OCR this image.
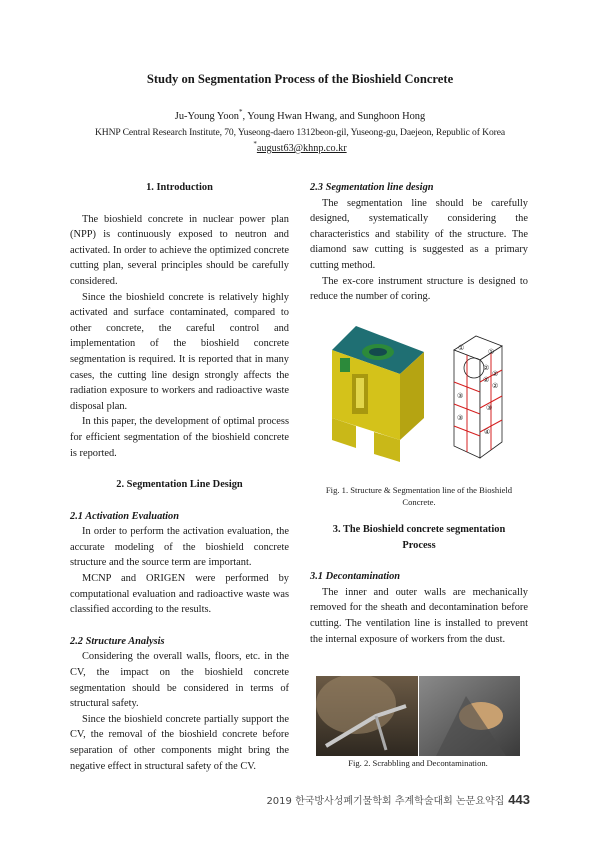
Study on Segmentation Process of the Bioshield Concrete
Ju-Young Yoon*, Young Hwan Hwang, and Sunghoon Hong
KHNP Central Research Institute, 70, Yuseong-daero 1312beon-gil, Yuseong-gu, Daejeon, Republic of Korea
*august63@khnp.co.kr
1. Introduction

The bioshield concrete in nuclear power plan (NPP) is continuously exposed to neutron and activated. In order to achieve the optimized concrete cutting plan, several principles should be carefully considered.

Since the bioshield concrete is relatively highly activated and surface contaminated, compared to other concrete, the careful control and implementation of the bioshield concrete segmentation is required. It is reported that in many cases, the cutting line design strongly affects the radiation exposure to workers and radioactive waste disposal plan.

In this paper, the development of optimal process for efficient segmentation of the bioshield concrete is reported.

2. Segmentation Line Design
2.1 Activation Evaluation

In order to perform the activation evaluation, the accurate modeling of the bioshield concrete structure and the source term are important.

MCNP and ORIGEN were performed by computational evaluation and radioactive waste was classified according to the results.

2.2 Structure Analysis

Considering the overall walls, floors, etc. in the CV, the impact on the bioshield concrete segmentation should be considered in terms of structural safety.

Since the bioshield concrete partially support the CV, the removal of the bioshield concrete before separation of other components might bring the negative effect in structural safety of the CV.

2.3 Segmentation line design

The segmentation line should be carefully designed, systematically considering the characteristics and stability of the structure. The diamond saw cutting is suggested as a primary cutting method.

The ex-core instrument structure is designed to reduce the number of coring.

①	①
②
②
②
②
③
③
③
④
Fig. 1. Structure & Segmentation line of the Bioshield Concrete.
3. The Bioshield concrete segmentation
Process
3.1 Decontamination

The inner and outer walls are mechanically removed for the sheath and decontamination before cutting. The ventilation line is installed to prevent the internal exposure of workers from the dust.

Fig. 2. Scrabbling and Decontamination.
2019 한국방사성폐기물학회 추계학술대회 논문요약집 443
